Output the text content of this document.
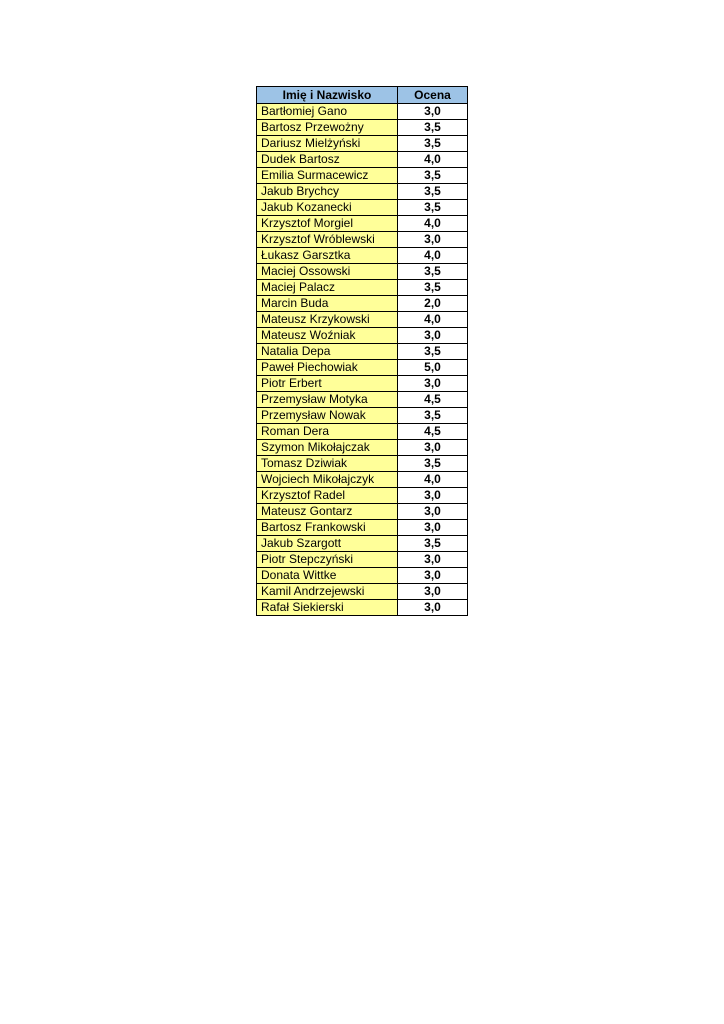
Imię i Nazwisko	Ocena
Bartłomiej Gano	3,0
Bartosz Przewożny	3,5
Dariusz Mielżyński	3,5
Dudek Bartosz	4,0
Emilia Surmacewicz	3,5
Jakub Brychcy	3,5
Jakub Kozanecki	3,5
Krzysztof Morgiel	4,0
Krzysztof Wróblewski	3,0
Łukasz Garsztka	4,0
Maciej Ossowski	3,5
Maciej Palacz	3,5
Marcin Buda	2,0
Mateusz Krzykowski	4,0
Mateusz Woźniak	3,0
Natalia Depa	3,5
Paweł Piechowiak	5,0
Piotr Erbert	3,0
Przemysław Motyka	4,5
Przemysław Nowak	3,5
Roman Dera	4,5
Szymon Mikołajczak	3,0
Tomasz Dziwiak	3,5
Wojciech Mikołajczyk	4,0
Krzysztof Radel	3,0
Mateusz Gontarz	3,0
Bartosz Frankowski	3,0
Jakub Szargott	3,5
Piotr Stepczyński	3,0
Donata Wittke	3,0
Kamil Andrzejewski	3,0
Rafał Siekierski	3,0
